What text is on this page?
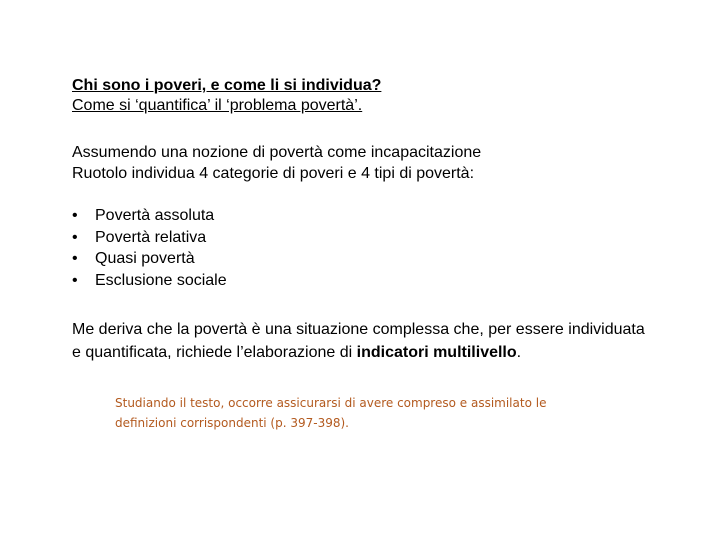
Chi sono i poveri, e come li si individua?
Come si ‘quantifica’ il ‘problema povertà’.
Assumendo una nozione di povertà come incapacitazione
Ruotolo individua 4 categorie di poveri e 4 tipi di povertà:
• Povertà assoluta
• Povertà relativa
• Quasi povertà
• Esclusione sociale
Me deriva che la povertà è una situazione complessa che, per essere individuata
e quantificata, richiede l’elaborazione di indicatori multilivello.
Studiando il testo, occorre assicurarsi di avere compreso e assimilato le
definizioni corrispondenti (p. 397-398).
